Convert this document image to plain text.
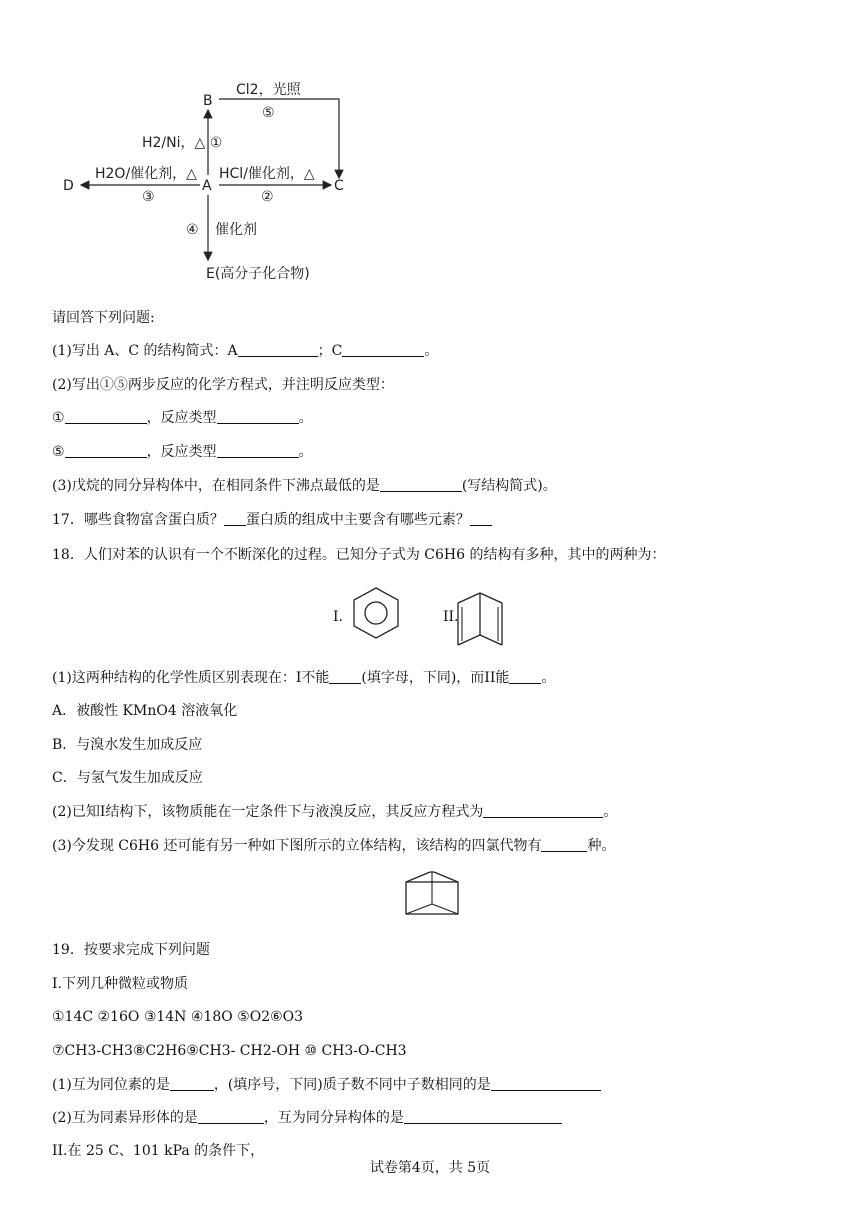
B
A	C
D
E(高分子化合物)
Cl2，光照
⑤
H2/Ni，△ ①
H2O/催化剂，△
③
HCl/催化剂，△
②
④ 催化剂
请回答下列问题:
(1)写出 A、C 的结构简式：A	；C	。
(2)写出①⑤两步反应的化学方程式，并注明反应类型：
①	，反应类型	。
⑤	，反应类型	。
(3)戊烷的同分异构体中，在相同条件下沸点最低的是	(写结构简式)。
17．哪些食物富含蛋白质？ 蛋白质的组成中主要含有哪些元素？
18．人们对苯的认识有一个不断深化的过程。已知分子式为 C6H6 的结构有多种，其中的两种为：
I.	II.
(1)这两种结构的化学性质区别表现在：I不能 (填字母，下同)，而II能 。
A．被酸性 KMnO4 溶液氧化
B．与溴水发生加成反应
C．与氢气发生加成反应
(2)已知I结构下，该物质能在一定条件下与液溴反应，其反应方程式为	。
(3)今发现 C6H6 还可能有另一种如下图所示的立体结构，该结构的四氯代物有	种。
19．按要求完成下列问题
I.下列几种微粒或物质
①14C ②16O ③14N ④18O ⑤O2⑥O3
⑦CH3-CH3⑧C2H6⑨CH3- CH2-OH ⑩ CH3-O-CH3
(1)互为同位素的是	，(填序号，下同)质子数不同中子数相同的是
(2)互为同素异形体的是	，互为同分异构体的是
II.在 25 C、101 kPa 的条件下，
试卷第4页，共 5页
